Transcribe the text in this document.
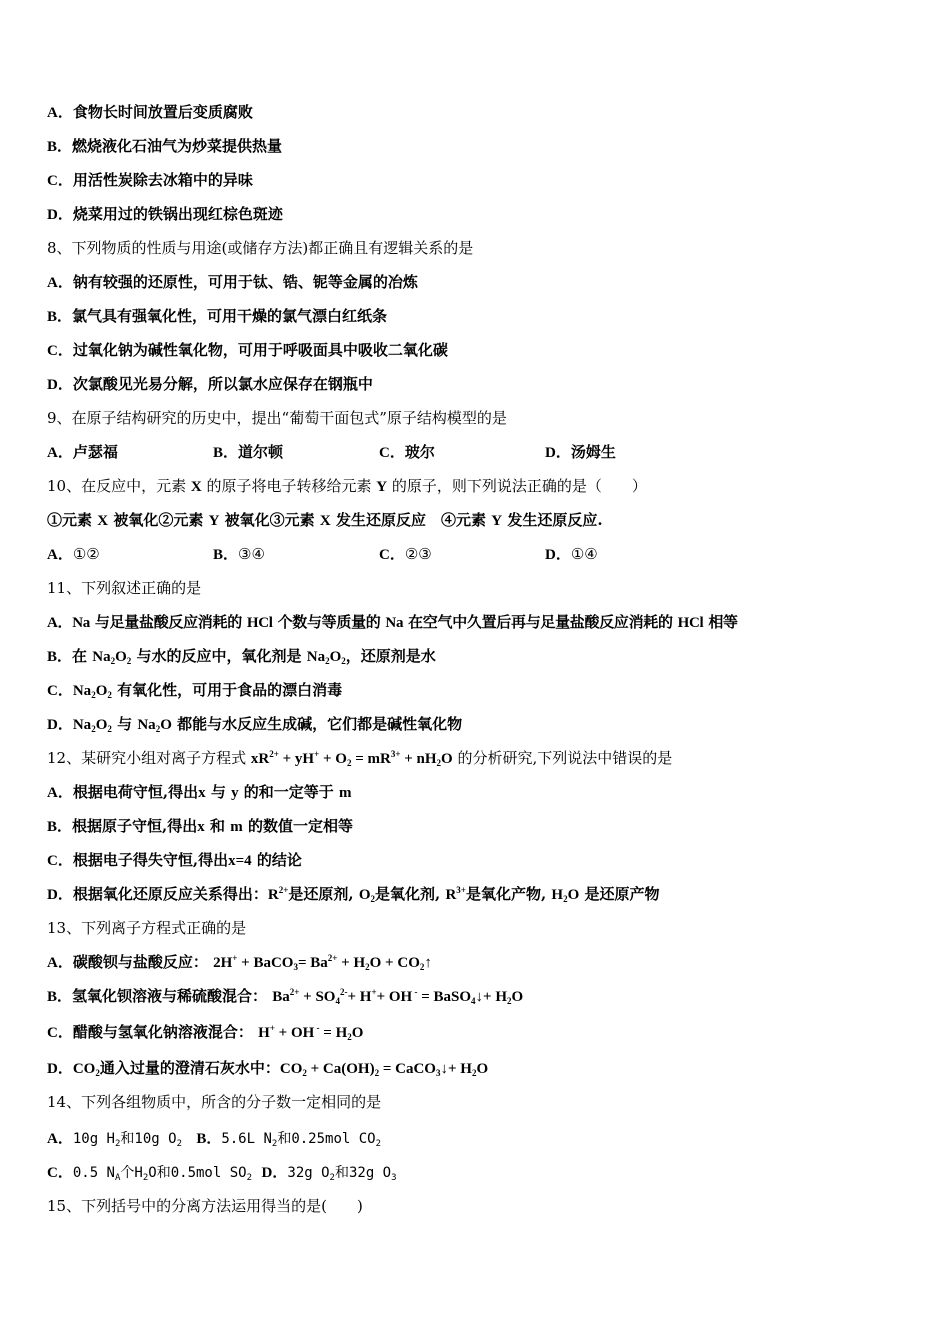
A．食物长时间放置后变质腐败
B．燃烧液化石油气为炒菜提供热量
C．用活性炭除去冰箱中的异味
D．烧菜用过的铁锅出现红棕色斑迹
8、下列物质的性质与用途(或储存方法)都正确且有逻辑关系的是
A．钠有较强的还原性，可用于钛、锆、铌等金属的冶炼
B．氯气具有强氧化性，可用干燥的氯气漂白红纸条
C．过氧化钠为碱性氧化物，可用于呼吸面具中吸收二氧化碳
D．次氯酸见光易分解，所以氯水应保存在钢瓶中
9、在原子结构研究的历史中，提出“葡萄干面包式”原子结构模型的是
A．卢瑟福	B．道尔顿	C．玻尔	D．汤姆生
10、在反应中，元素 X 的原子将电子转移给元素 Y 的原子，则下列说法正确的是（　　）
①元素 X 被氧化②元素 Y 被氧化③元素 X 发生还原反应　④元素 Y 发生还原反应.
A．①②	B．③④	C．②③	D．①④
11、下列叙述正确的是
A．Na 与足量盐酸反应消耗的 HCl 个数与等质量的 Na 在空气中久置后再与足量盐酸反应消耗的 HCl 相等
B．在 $Na_2O_2$ 与水的反应中，氧化剂是 $Na_2O_2$，还原剂是水
C．$Na_2O_2$ 有氧化性，可用于食品的漂白消毒
D．$Na_2O_2$ 与 $Na_2O$ 都能与水反应生成碱，它们都是碱性氧化物
12、某研究小组对离子方程式 $xR^{2+} + yH^+ + O_2 = mR^{3+} + nH_2O$ 的分析研究,下列说法中错误的是
A．根据电荷守恒,得出x 与 y 的和一定等于 m
B．根据原子守恒,得出x 和 m 的数值一定相等
C．根据电子得失守恒,得出x=4 的结论
D．根据氧化还原反应关系得出：$R^{2+}$是还原剂, $O_2$是氧化剂, $R^{3+}$是氧化产物, $H_2O$ 是还原产物
13、下列离子方程式正确的是
A．碳酸钡与盐酸反应： 2H+ + BaCO$_3$= $Ba^{2+} + H_2O$ + $CO_2↑$
B．氢氧化钡溶液与稀硫酸混合： $Ba^{2+} + SO_4^{2-}+ H^++$ OH - = BaSO$_4$↓+ $H_2O$
C．醋酸与氢氧化钠溶液混合： H+ + OH $^- = H_2O$
D．$CO_2$通入过量的澄清石灰水中：$CO_2 + Ca(OH)_2$ = CaCO$_3$↓+ $H_2O$
14、下列各组物质中，所含的分子数一定相同的是
A．10g $H_2$和10g $O_2$ B．5.6L $N_2$和0.25mol $CO_2$
C．0.5 $N_A$个$H_2O$和0.5mol $SO_2$ D．32g $O_2$和32g $O_3$
15、下列括号中的分离方法运用得当的是(　　)
